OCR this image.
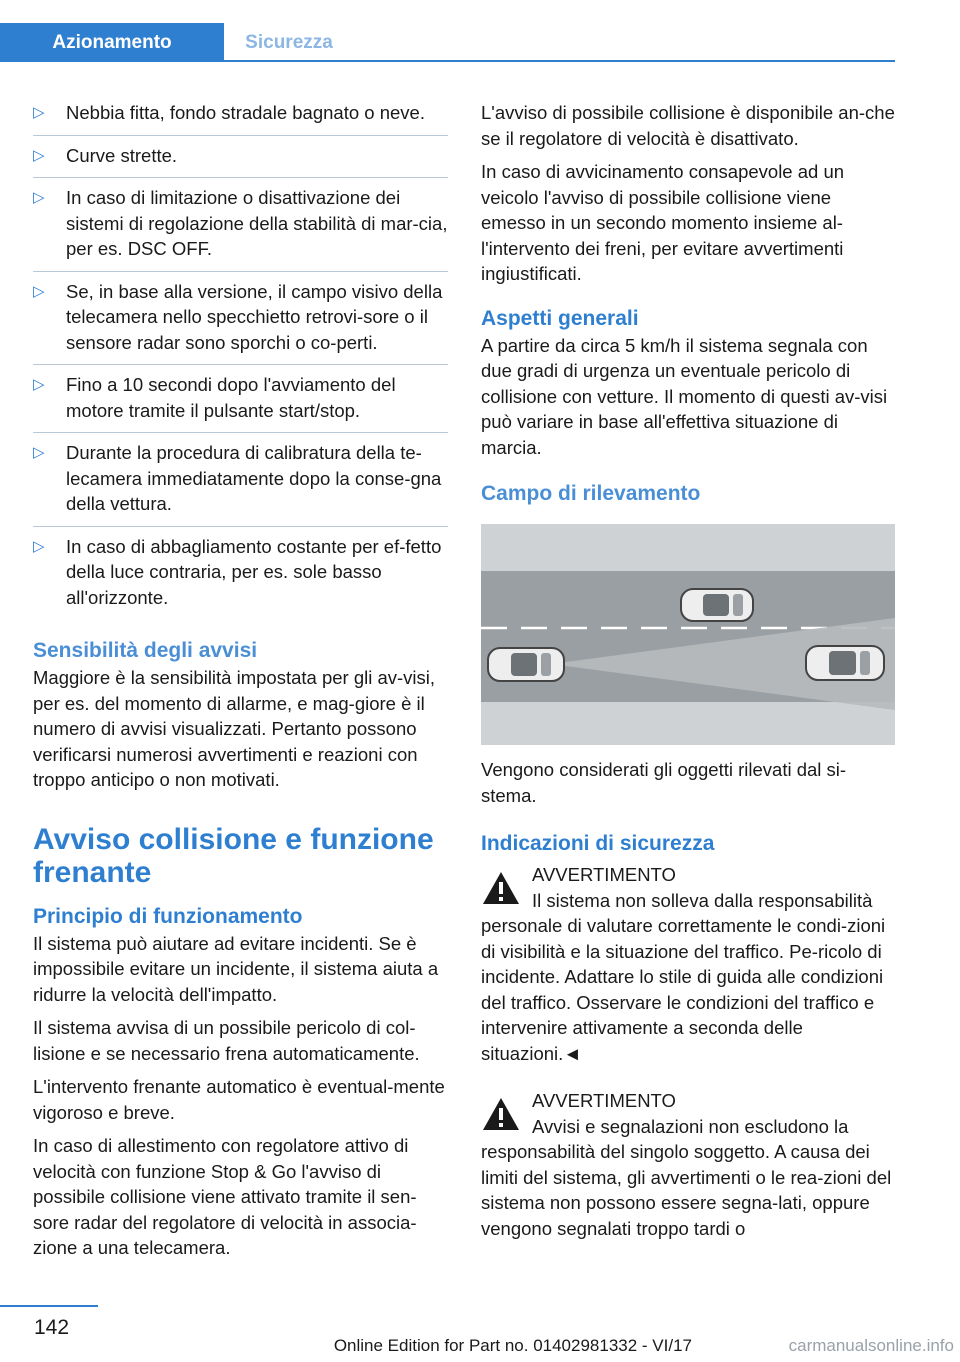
Azionamento	Sicurezza
▷ Nebbia fitta, fondo stradale bagnato o neve.
▷ Curve strette.
▷ In caso di limitazione o disattivazione dei sistemi di regolazione della stabilità di mar-cia, per es. DSC OFF.
▷ Se, in base alla versione, il campo visivo della telecamera nello specchietto retrovi-sore o il sensore radar sono sporchi o co-perti.
▷ Fino a 10 secondi dopo l'avviamento del motore tramite il pulsante start/stop.
▷ Durante la procedura di calibratura della te-lecamera immediatamente dopo la conse-gna della vettura.
▷ In caso di abbagliamento costante per ef-fetto della luce contraria, per es. sole basso all'orizzonte.
Sensibilità degli avvisi

Maggiore è la sensibilità impostata per gli av-visi, per es. del momento di allarme, e mag-giore è il numero di avvisi visualizzati. Pertanto possono verificarsi numerosi avvertimenti e reazioni con troppo anticipo o non motivati.

Avviso collisione e funzione frenante
Principio di funzionamento

Il sistema può aiutare ad evitare incidenti. Se è impossibile evitare un incidente, il sistema aiuta a ridurre la velocità dell'impatto.

Il sistema avvisa di un possibile pericolo di col-lisione e se necessario frena automaticamente.

L'intervento frenante automatico è eventual-mente vigoroso e breve.

In caso di allestimento con regolatore attivo di velocità con funzione Stop & Go l'avviso di possibile collisione viene attivato tramite il sen-sore radar del regolatore di velocità in associa-zione a una telecamera.

L'avviso di possibile collisione è disponibile an-che se il regolatore di velocità è disattivato.

In caso di avvicinamento consapevole ad un veicolo l'avviso di possibile collisione viene emesso in un secondo momento insieme al-l'intervento dei freni, per evitare avvertimenti ingiustificati.

Aspetti generali

A partire da circa 5 km/h il sistema segnala con due gradi di urgenza un eventuale pericolo di collisione con vetture. Il momento di questi av-visi può variare in base all'effettiva situazione di marcia.

Campo di rilevamento

Vengono considerati gli oggetti rilevati dal si-stema.

Indicazioni di sicurezza
AVVERTIMENTO
Il sistema non solleva dalla responsabilità

personale di valutare correttamente le condi-zioni di visibilità e la situazione del traffico. Pe-ricolo di incidente. Adattare lo stile di guida alle condizioni del traffico. Osservare le condizioni del traffico e intervenire attivamente a seconda delle situazioni.◄

AVVERTIMENTO
Avvisi e segnalazioni non escludono la

responsabilità del singolo soggetto. A causa dei limiti del sistema, gli avvertimenti o le rea-zioni del sistema non possono essere segna-lati, oppure vengono segnalati troppo tardi o

142
Online Edition for Part no. 01402981332 - VI/17	carmanualsonline.info
